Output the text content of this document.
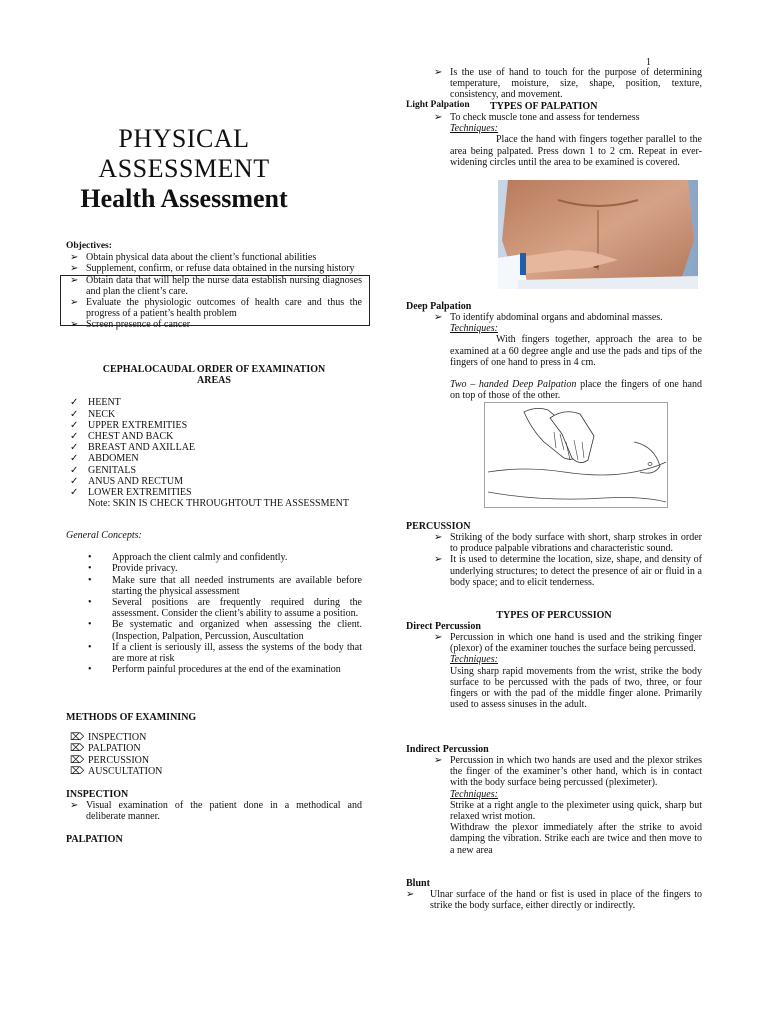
1
PHYSICAL
ASSESSMENT
Health Assessment
Objectives:
➢ Obtain physical data about the client’s functional abilities
➢ Supplement, confirm, or refuse data obtained in the nursing history
➢ Obtain data that will help the nurse data establish nursing diagnoses and plan the client’s care.
➢ Evaluate the physiologic outcomes of health care and thus the progress of a patient’s health problem
➢ Screen presence of cancer
CEPHALOCAUDAL ORDER OF EXAMINATION AREAS
✓ HEENT
✓ NECK
✓ UPPER EXTREMITIES
✓ CHEST AND BACK
✓ BREAST AND AXILLAE
✓ ABDOMEN
✓ GENITALS
✓ ANUS AND RECTUM
✓ LOWER EXTREMITIES
Note: SKIN IS CHECK THROUGHTOUT THE ASSESSMENT
General Concepts:
•	Approach the client calmly and confidently.
•	Provide privacy.
•	Make sure that all needed instruments are available before starting the physical assessment
•	Several positions are frequently required during the assessment. Consider the client’s ability to assume a position.
•	Be systematic and organized when assessing the client. (Inspection, Palpation, Percussion, Auscultation
•	If a client is seriously ill, assess the systems of the body that are more at risk
•	Perform painful procedures at the end of the examination
METHODS OF EXAMINING
⌦ INSPECTION
⌦ PALPATION
⌦ PERCUSSION
⌦ AUSCULTATION
INSPECTION
➢ Visual examination of the patient done in a methodical and deliberate manner.
PALPATION
➢ Is the use of hand to touch for the purpose of determining temperature, moisture, size, shape, position, texture, consistency, and movement.
Light Palpation TYPES OF PALPATION
➢ To check muscle tone and assess for tenderness
Techniques:
Place the hand with fingers together parallel to the area being palpated. Press down 1 to 2 cm. Repeat in ever-widening circles until the area to be examined is covered.
Deep Palpation
➢ To identify abdominal organs and abdominal masses.
Techniques:
With fingers together, approach the area to be examined at a 60 degree angle and use the pads and tips of the fingers of one hand to press in 4 cm.
Two – handed Deep Palpation place the fingers of one hand on top of those of the other.
PERCUSSION
➢ Striking of the body surface with short, sharp strokes in order to produce palpable vibrations and characteristic sound.
➢ It is used to determine the location, size, shape, and density of underlying structures; to detect the presence of air or fluid in a body space; and to elicit tenderness.
TYPES OF PERCUSSION
Direct Percussion
➢ Percussion in which one hand is used and the striking finger (plexor) of the examiner touches the surface being percussed.
Techniques:
Using sharp rapid movements from the wrist, strike the body surface to be percussed with the pads of two, three, or four fingers or with the pad of the middle finger alone. Primarily used to assess sinuses in the adult.
Indirect Percussion
➢ Percussion in which two hands are used and the plexor strikes the finger of the examiner’s other hand, which is in contact with the body surface being percussed (pleximeter).
Techniques:
Strike at a right angle to the pleximeter using quick, sharp but relaxed wrist motion.
Withdraw the plexor immediately after the strike to avoid damping the vibration. Strike each are twice and then move to a new area
Blunt
➢	Ulnar surface of the hand or fist is used in place of the fingers to strike the body surface, either directly or indirectly.
